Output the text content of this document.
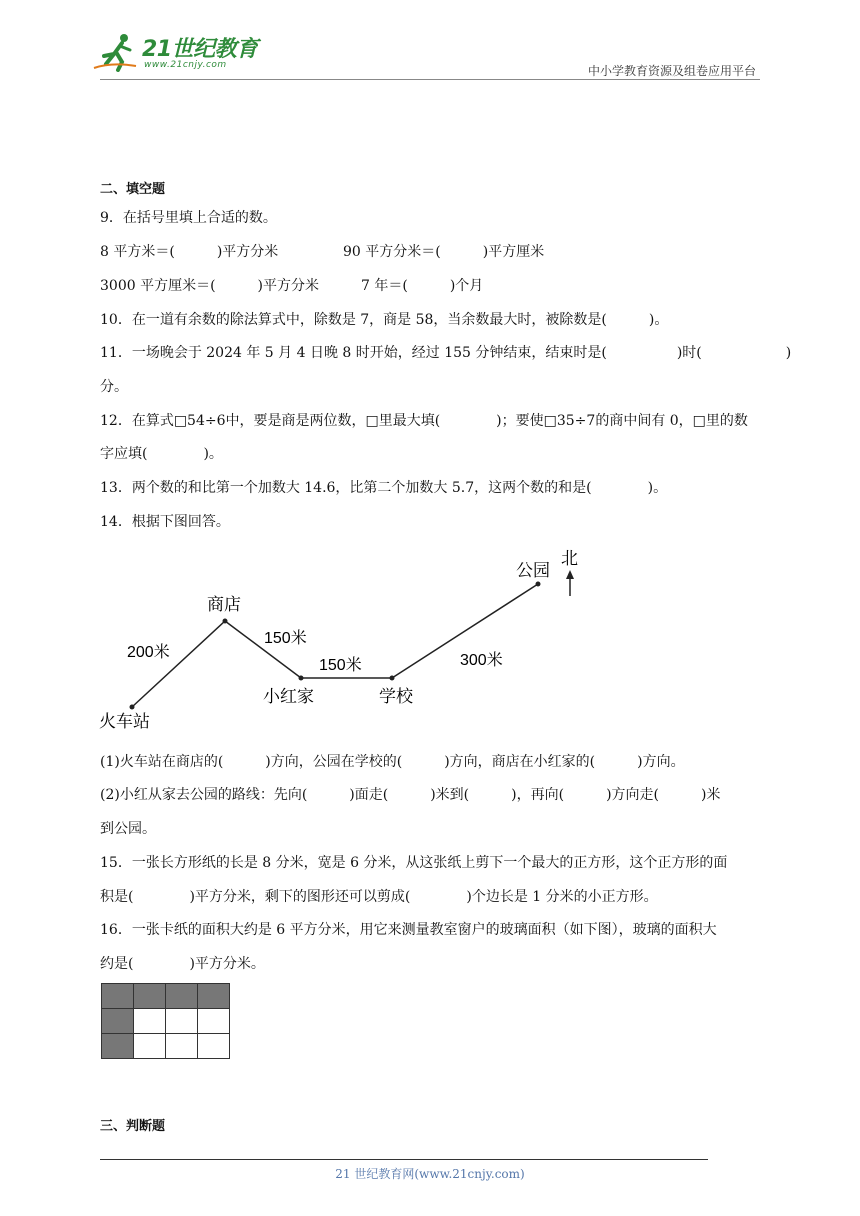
21世纪教育
www.21cnjy.com	中小学教育资源及组卷应用平台
二、填空题
9．在括号里填上合适的数。
8 平方米＝(　　　)平方分米	90 平方分米＝(　　　)平方厘米
3000 平方厘米＝(　　　)平方分米	7 年＝(　　　)个月
10．在一道有余数的除法算式中，除数是 7，商是 58，当余数最大时，被除数是(　　　)。
11．一场晚会于 2024 年 5 月 4 日晚 8 时开始，经过 155 分钟结束，结束时是(　　　　　)时(　　　　　　)
分。
12．在算式□54÷6中，要是商是两位数，□里最大填(　　　　)；要使□35÷7的商中间有 0，□里的数
字应填(　　　　)。
13．两个数的和比第一个加数大 14.6，比第二个加数大 5.7，这两个数的和是(　　　　)。
14．根据下图回答。
火车站
商店
小红家	学校
公园
200米
150米
150米	300米
北
(1)火车站在商店的(　　　)方向，公园在学校的(　　　)方向，商店在小红家的(　　　)方向。
(2)小红从家去公园的路线：先向(　　　)面走(　　　)米到(　　　)，再向(　　　)方向走(　　　)米
到公园。
15．一张长方形纸的长是 8 分米，宽是 6 分米，从这张纸上剪下一个最大的正方形，这个正方形的面
积是(　　　　)平方分米，剩下的图形还可以剪成(　　　　)个边长是 1 分米的小正方形。
16．一张卡纸的面积大约是 6 平方分米，用它来测量教室窗户的玻璃面积（如下图），玻璃的面积大
约是(　　　　)平方分米。

三、判断题
21 世纪教育网(www.21cnjy.com)
